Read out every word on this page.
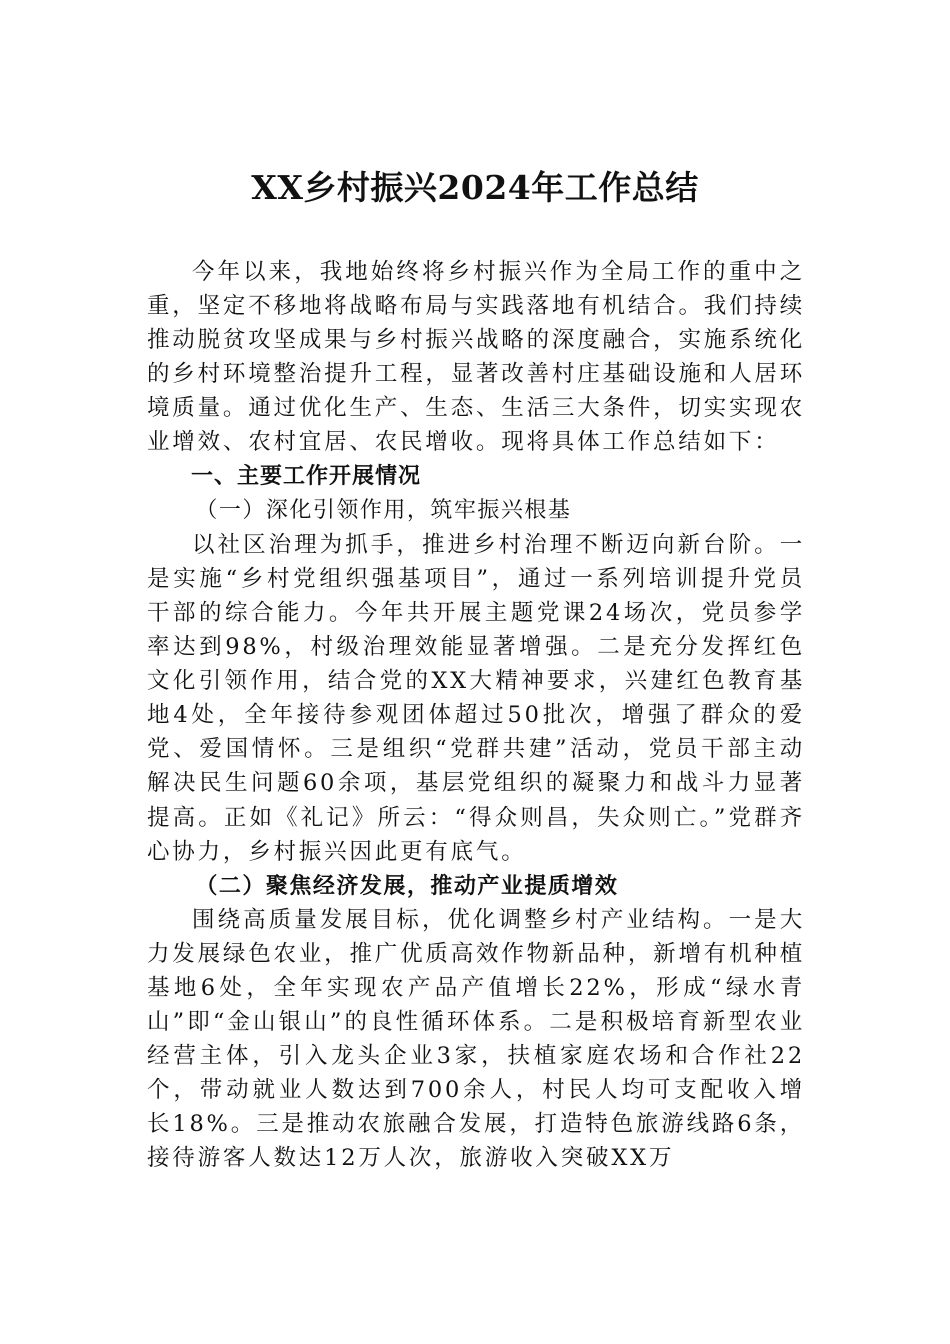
XX乡村振兴2024年工作总结

今年以来，我地始终将乡村振兴作为全局工作的重中之重，坚定不移地将战略布局与实践落地有机结合。我们持续推动脱贫攻坚成果与乡村振兴战略的深度融合，实施系统化的乡村环境整治提升工程，显著改善村庄基础设施和人居环境质量。通过优化生产、生态、生活三大条件，切实实现农业增效、农村宜居、农民增收。现将具体工作总结如下：

一、主要工作开展情况

（一）深化引领作用，筑牢振兴根基

以社区治理为抓手，推进乡村治理不断迈向新台阶。一是实施“乡村党组织强基项目”，通过一系列培训提升党员干部的综合能力。今年共开展主题党课24场次，党员参学率达到98%，村级治理效能显著增强。二是充分发挥红色文化引领作用，结合党的XX大精神要求，兴建红色教育基地4处，全年接待参观团体超过50批次，增强了群众的爱党、爱国情怀。三是组织“党群共建”活动，党员干部主动解决民生问题60余项，基层党组织的凝聚力和战斗力显著提高。正如《礼记》所云：“得众则昌，失众则亡。”党群齐心协力，乡村振兴因此更有底气。

（二）聚焦经济发展，推动产业提质增效

围绕高质量发展目标，优化调整乡村产业结构。一是大力发展绿色农业，推广优质高效作物新品种，新增有机种植基地6处，全年实现农产品产值增长22%，形成“绿水青山”即“金山银山”的良性循环体系。二是积极培育新型农业经营主体，引入龙头企业3家，扶植家庭农场和合作社22个，带动就业人数达到700余人，村民人均可支配收入增长18%。三是推动农旅融合发展，打造特色旅游线路6条，接待游客人数达12万人次，旅游收入突破XX万
